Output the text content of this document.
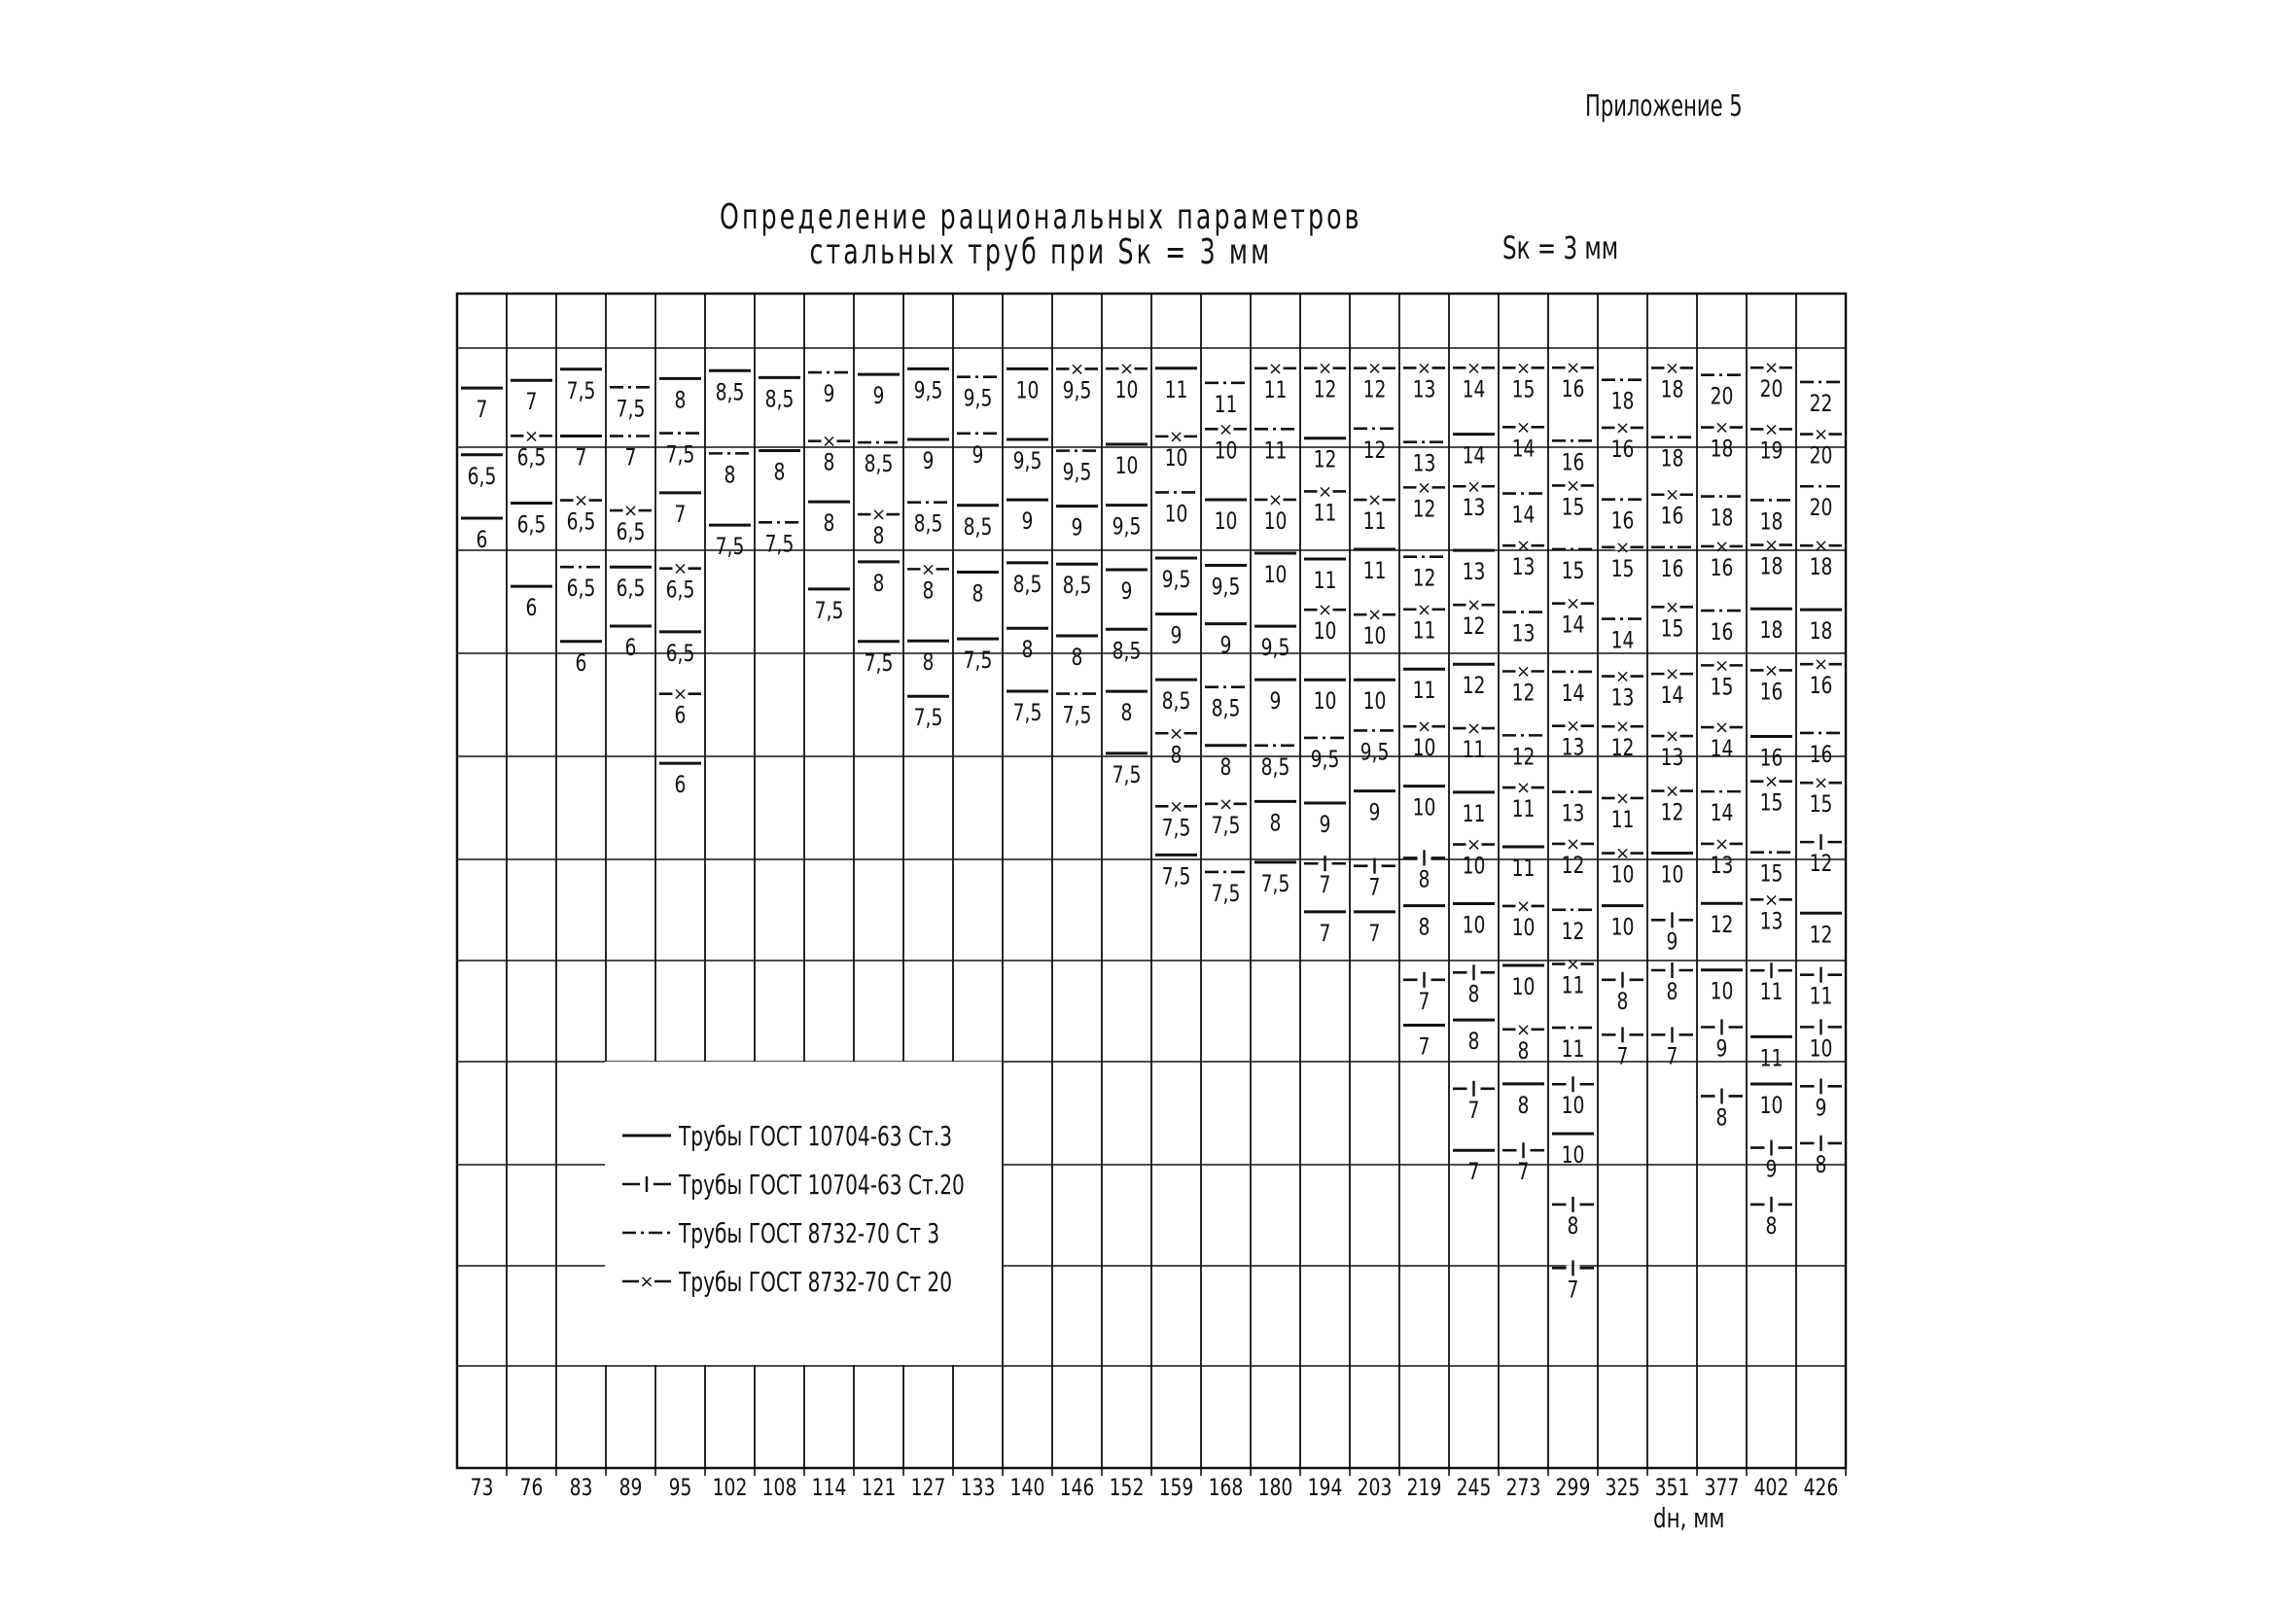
Приложение 5
Определение рациональных параметров
стальных труб при Sк = 3 мм	Sк = 3 мм
Трубы ГОСТ 10704-63 Ст.3
Трубы ГОСТ 10704-63 Ст.20
Трубы ГОСТ 8732-70 Ст 3
× Трубы ГОСТ 8732-70 Ст 20
7
6,5
6
7
×
6,5
6,5
6
7,5
7
×
6,5
6,5
6
7,5
7
×
6,5
6,5
6
8
7,5
7
×
6,5
6,5
×
6
6
8,5
8
7,5
8,5
8
7,5
9
×
8
8
7,5
9
8,5
×
8
8
7,5
9,5
9
8,5
×
8
8
7,5
9,5
9
8,5
8
7,5
10
9,5
9
8,5
8
7,5
×
9,5
9,5
9
8,5
8
7,5
×
10
10
9,5
9
8,5
8
7,5
11
×
10
10
9,5
9
8,5
×
8
×
7,5
7,5
11
×
10
10
9,5
9
8,5
8
×
7,5
7,5
×
11
11
×
10
10
9,5
9
8,5
8
7,5
×
12
12
×
11
11
×
10
10
9,5
9
7
7
×
12
12
×
11
11
×
10
10
9,5
9
7
7
×
13
13
×
12
12
×
11
11
×
10
10
8
8
7
7
×
14
14
×
13
13
×
12
12
×
11
11
×
10
10
8
8
7
7
×
15
×
14
14
×
13
13
×
12
12
×
11
11
×
10
10
×
8
8
7
×
16
16
×
15
15
×
14
14
×
13
13
×
12
12
×
11
11
10
10
8
7
18
×
16
16
×
15
14
×
13
×
12
×
11
×
10
10
8
7
×
18
18
×
16
16
×
15
×
14
×
13
×
12
10
9
8
7
20
×
18
18
×
16
16
×
15
×
14
14
×
13
12
10
9
8
×
20
×
19
18
×
18
18
×
16
16
×
15
15
×
13
11
11
10
9
8
22
×
20
20
×
18
18
×
16
16
×
15
12
12
11
10
9
8
73 76 83 89 95 102 108 114 121 127 133 140 146 152 159 168 180 194 203 219 245 273 299 325 351 377 402 426
dн, мм
